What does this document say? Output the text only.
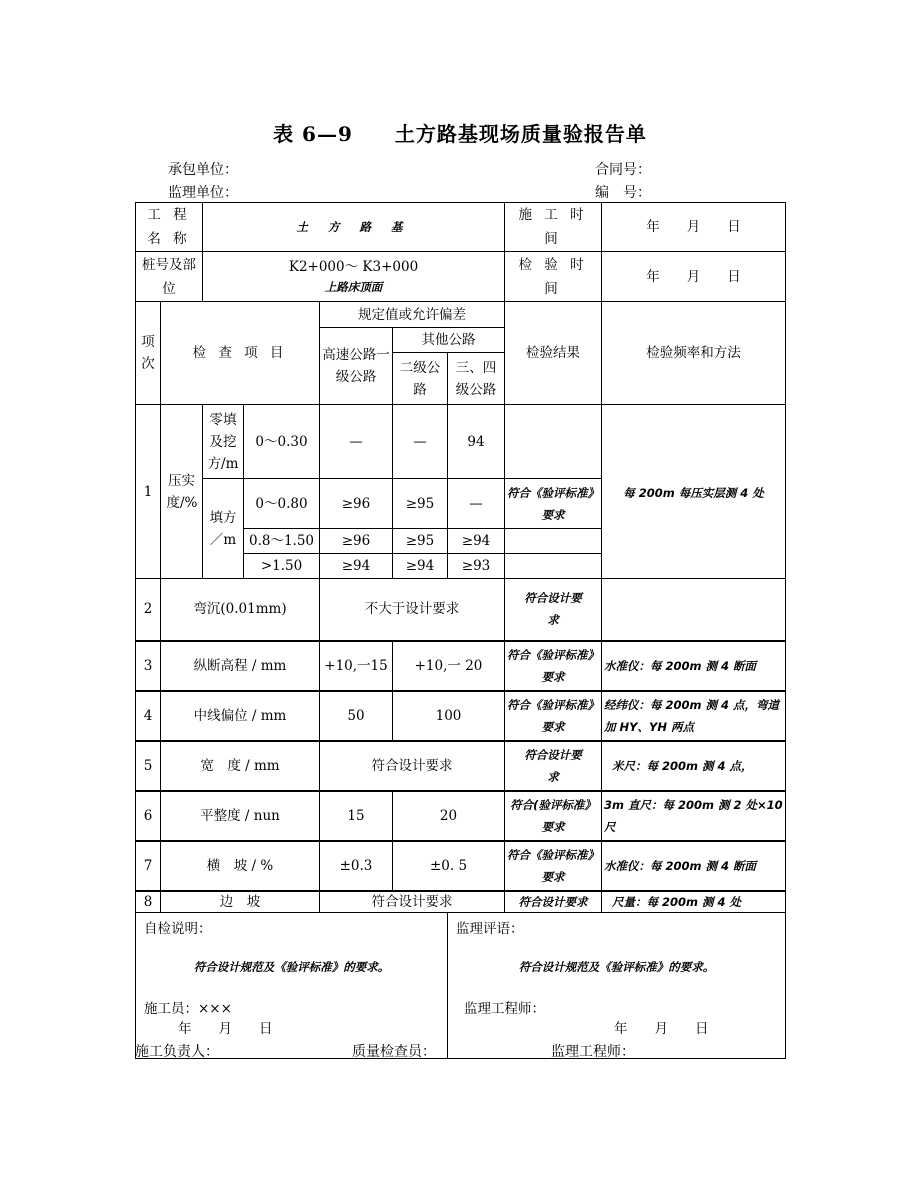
表 6—9　　土方路基现场质量验报告单
承包单位：	合同号：
监理单位：	编　号：
工 程 名 称		土 方 路 基					施 工 时 间	年　　月　　日
桩号及部位		K2+000～ K3+000
上路床顶面					检 验 时 间	年　　月　　日

项次	检 查 项 目			规定值或允许偏差			检验结果	检验频率和方法
				高速公路一级公路	其他公路			
					二级公路	三、四级公路		
1	压实度/%	零填及挖方/m	0～0.30	—	—	94		每 200m 每压实层测 4 处

		填方／m	0～0.80	≥96	≥95	—	符合《验评标准》要求	
			0.8～1.50	≥96	≥95	≥94		
			>1.50	≥94	≥94	≥93		
2	弯沉(0.01mm)			不大于设计要求			符合设计要求	
3	纵断高程 / mm			+10,一15	+10,一 20		符合《验评标准》要求	水准仪：每 200m 测 4 断面
4	中线偏位 / mm			50	100		符合《验评标准》要求	经纬仪：每 200m 测 4 点，弯道加 HY、YH 两点
5	宽　度 / mm			符合设计要求			符合设计要求	米尺：每 200m 测 4 点，
6	平整度 / nun			15	20		符合(验评标准》要求	3m 直尺：每 200m 测 2 处×10 尺
7	横　坡 / %			±0.3	±0. 5		符合《验评标准》要求	水准仪：每 200m 测 4 断面
8	边　坡			符合设计要求			符合设计要求	尺量：每 200m 测 4 处

自检说明：
符合设计规范及《验评标准》的要求。
施工员：×××
年　　月　　日						监理评语：
符合设计规范及《验评标准》的要求。
监理工程师：
年　　月　　日		
施工负责人：	质量检查员：	监理工程师：
